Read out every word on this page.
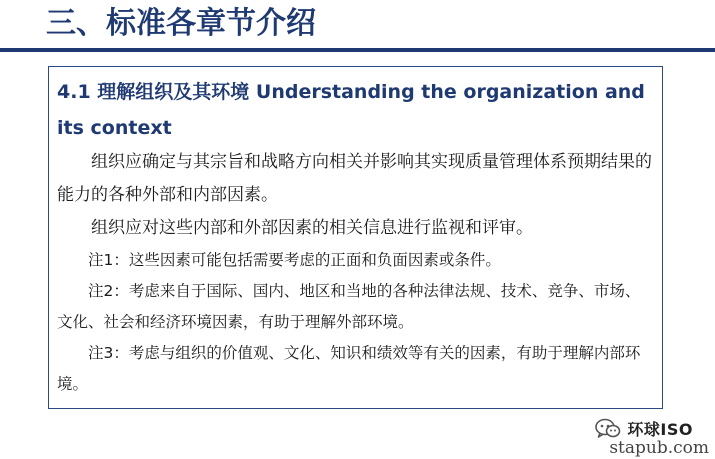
三、标准各章节介绍
4.1 理解组织及其环境 Understanding the organization and
its context

组织应确定与其宗旨和战略方向相关并影响其实现质量管理体系预期结果的能力的各种外部和内部因素。

组织应对这些内部和外部因素的相关信息进行监视和评审。

注1：这些因素可能包括需要考虑的正面和负面因素或条件。

注2：考虑来自于国际、国内、地区和当地的各种法律法规、技术、竞争、市场、文化、社会和经济环境因素，有助于理解外部环境。

注3：考虑与组织的价值观、文化、知识和绩效等有关的因素，有助于理解内部环境。

环球ISO
stapub.com
